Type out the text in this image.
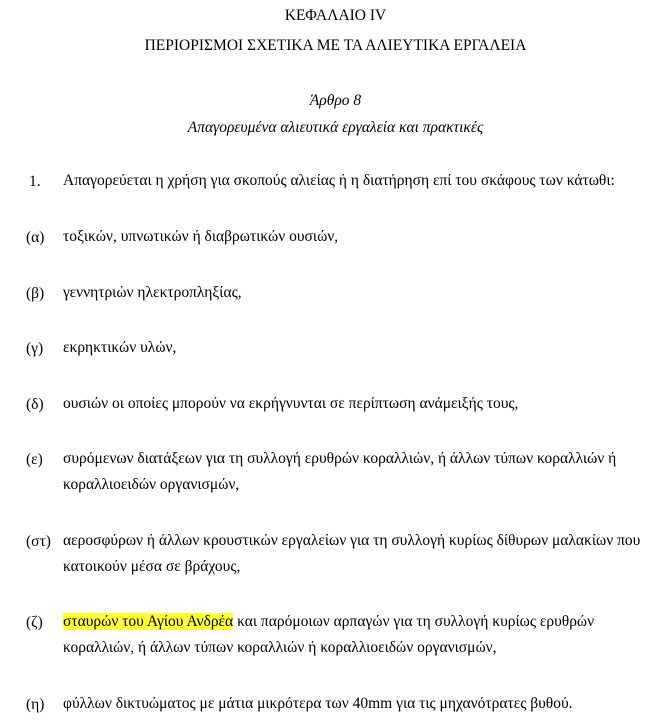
ΚΕΦΑΛΑΙΟ IV
ΠΕΡΙΟΡΙΣΜΟΙ ΣΧΕΤΙΚΑ ΜΕ ΤΑ ΑΛΙΕΥΤΙΚΑ ΕΡΓΑΛΕΙΑ
Άρθρο 8
Απαγορευμένα αλιευτικά εργαλεία και πρακτικές
1. Απαγορεύεται η χρήση για σκοπούς αλιείας ή η διατήρηση επί του σκάφους των κάτωθι:
(α) τοξικών, υπνωτικών ή διαβρωτικών ουσιών,
(β) γεννητριών ηλεκτροπληξίας,
(γ) εκρηκτικών υλών,
(δ) ουσιών οι οποίες μπορούν να εκρήγνυνται σε περίπτωση ανάμειξής τους,
(ε) συρόμενων διατάξεων για τη συλλογή ερυθρών κοραλλιών, ή άλλων τύπων κοραλλιών ή
κοραλλιοειδών οργανισμών,
(στ) αεροσφύρων ή άλλων κρουστικών εργαλείων για τη συλλογή κυρίως δίθυρων μαλακίων που
κατοικούν μέσα σε βράχους,
(ζ) σταυρών του Αγίου Ανδρέα και παρόμοιων αρπαγών για τη συλλογή κυρίως ερυθρών
κοραλλιών, ή άλλων τύπων κοραλλιών ή κοραλλιοειδών οργανισμών,
(η) φύλλων δικτυώματος με μάτια μικρότερα των 40mm για τις μηχανότρατες βυθού.
